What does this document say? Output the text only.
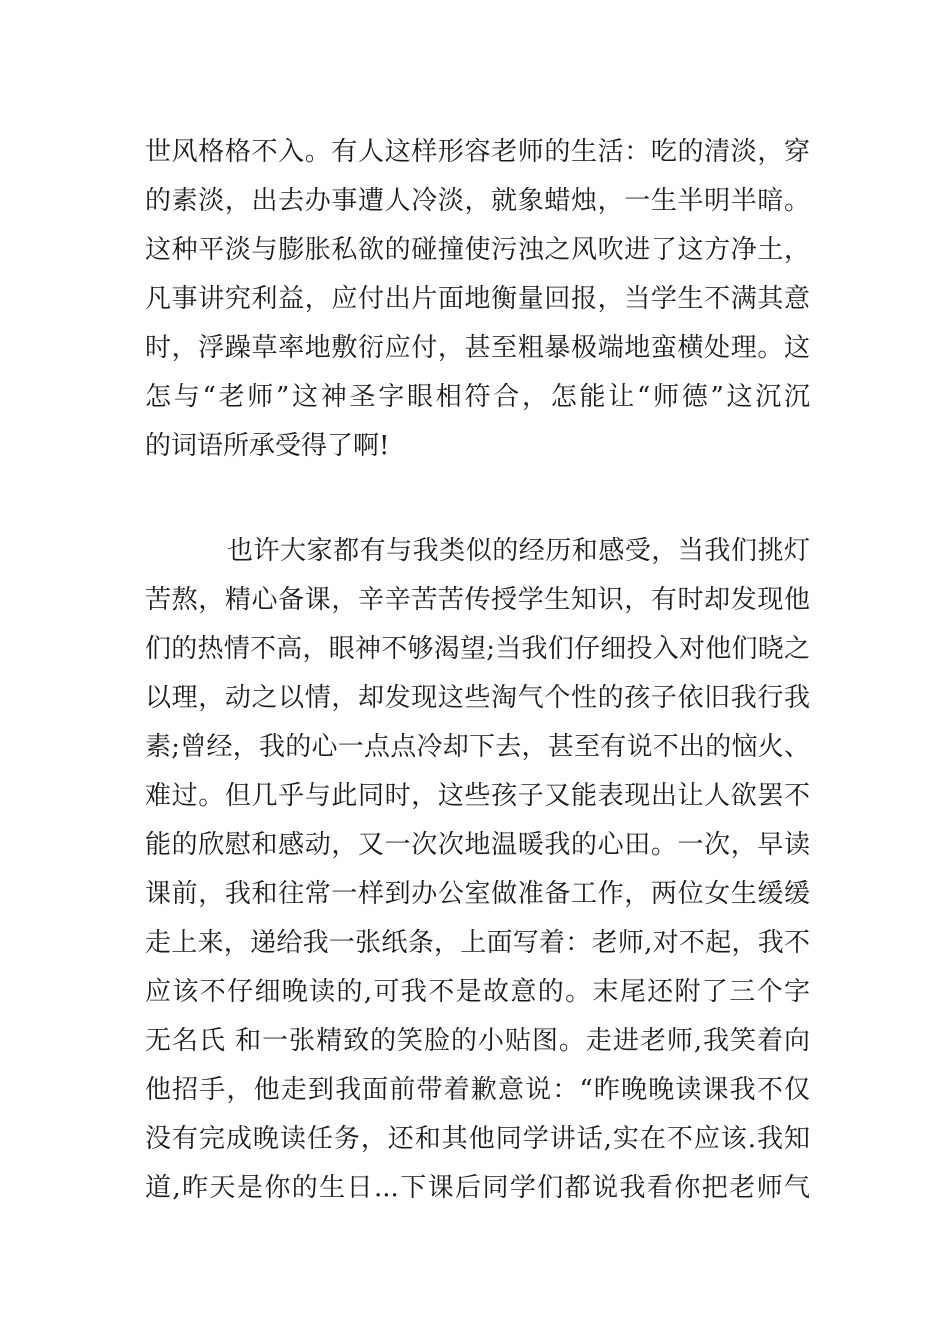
世风格格不入。有人这样形容老师的生活：吃的清淡，穿
的素淡，出去办事遭人冷淡，就象蜡烛，一生半明半暗。
这种平淡与膨胀私欲的碰撞使污浊之风吹进了这方净土，
凡事讲究利益，应付出片面地衡量回报，当学生不满其意
时，浮躁草率地敷衍应付，甚至粗暴极端地蛮横处理。这
怎与“老师”这神圣字眼相符合，怎能让“师德”这沉沉
的词语所承受得了啊!
也许大家都有与我类似的经历和感受，当我们挑灯
苦熬，精心备课，辛辛苦苦传授学生知识，有时却发现他
们的热情不高，眼神不够渴望;当我们仔细投入对他们晓之
以理，动之以情，却发现这些淘气个性的孩子依旧我行我
素;曾经，我的心一点点冷却下去，甚至有说不出的恼火、
难过。但几乎与此同时，这些孩子又能表现出让人欲罢不
能的欣慰和感动，又一次次地温暖我的心田。一次，早读
课前，我和往常一样到办公室做准备工作，两位女生缓缓
走上来，递给我一张纸条，上面写着：老师,对不起，我不
应该不仔细晚读的,可我不是故意的。末尾还附了三个字
无名氏 和一张精致的笑脸的小贴图。走进老师,我笑着向
他招手，他走到我面前带着歉意说：“昨晚晚读课我不仅
没有完成晚读任务，还和其他同学讲话,实在不应该.我知
道,昨天是你的生日...下课后同学们都说我看你把老师气
